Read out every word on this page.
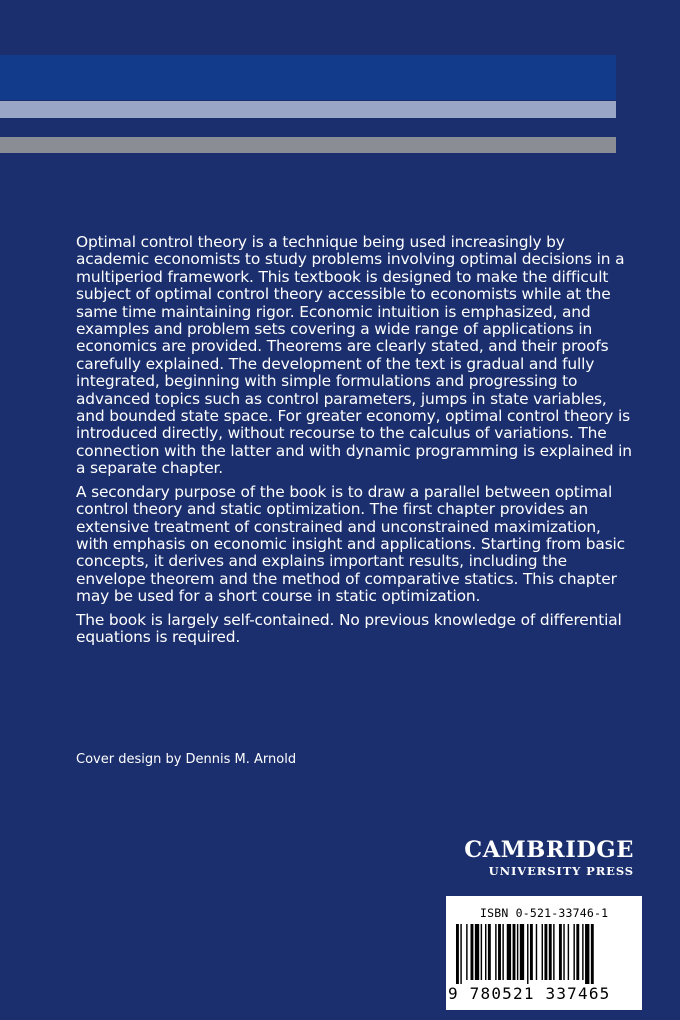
Optimal control theory is a technique being used increasingly by academic economists to study problems involving optimal decisions in a multiperiod framework. This textbook is designed to make the difficult subject of optimal control theory accessible to economists while at the same time maintaining rigor. Economic intuition is emphasized, and examples and problem sets covering a wide range of applications in economics are provided. Theorems are clearly stated, and their proofs carefully explained. The development of the text is gradual and fully integrated, beginning with simple formulations and progressing to advanced topics such as control parameters, jumps in state variables, and bounded state space. For greater economy, optimal control theory is introduced directly, without recourse to the calculus of variations. The connection with the latter and with dynamic programming is explained in a separate chapter.

A secondary purpose of the book is to draw a parallel between optimal control theory and static optimization. The first chapter provides an extensive treatment of constrained and unconstrained maximization, with emphasis on economic insight and applications. Starting from basic concepts, it derives and explains important results, including the envelope theorem and the method of comparative statics. This chapter may be used for a short course in static optimization.

The book is largely self-contained. No previous knowledge of differential equations is required.

Cover design by Dennis M. Arnold

CAMBRIDGE
UNIVERSITY PRESS
ISBN 0-521-33746-1
9 780521 337465
